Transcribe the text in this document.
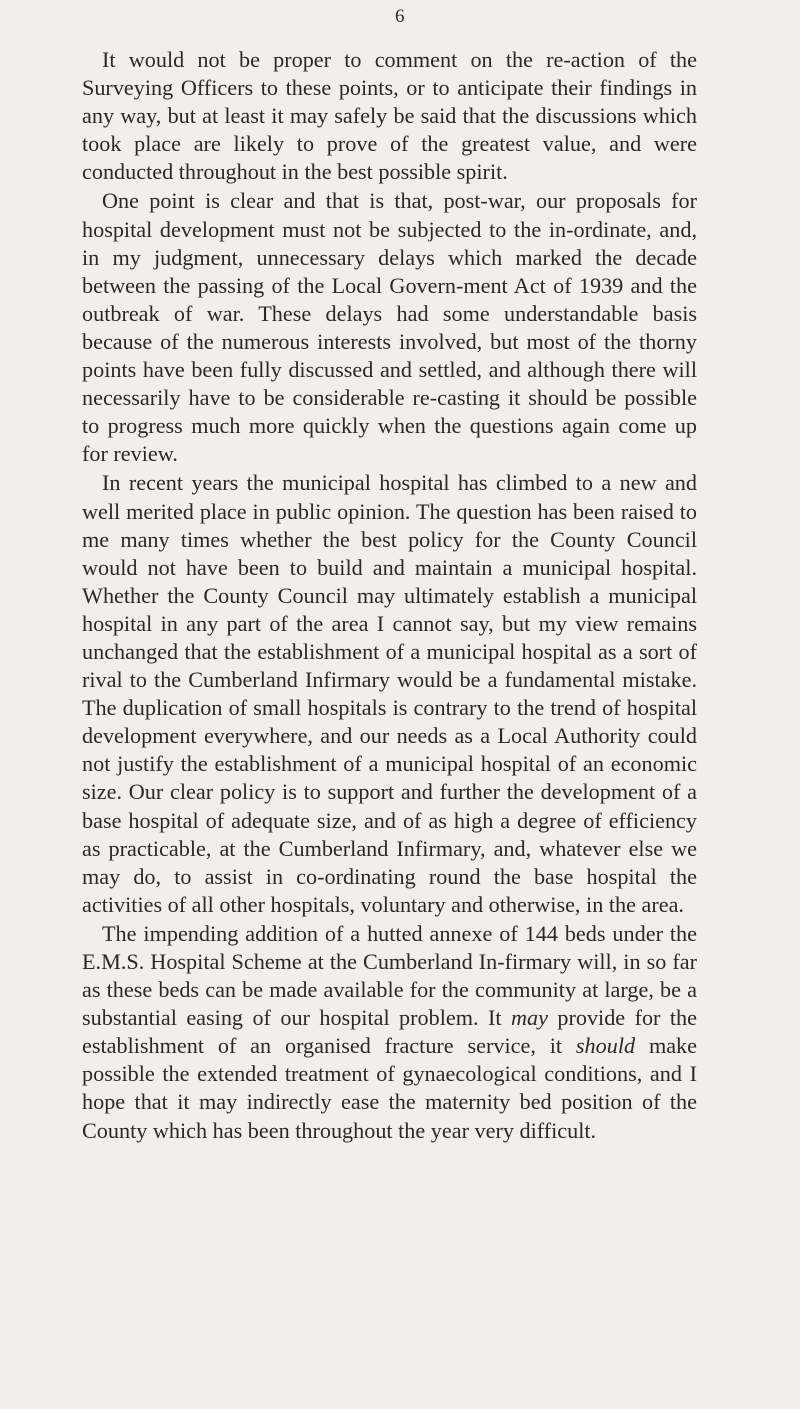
6

It would not be proper to comment on the re-action of the Surveying Officers to these points, or to anticipate their findings in any way, but at least it may safely be said that the discussions which took place are likely to prove of the greatest value, and were conducted throughout in the best possible spirit.

One point is clear and that is that, post-war, our proposals for hospital development must not be subjected to the in-ordinate, and, in my judgment, unnecessary delays which marked the decade between the passing of the Local Govern-ment Act of 1939 and the outbreak of war. These delays had some understandable basis because of the numerous interests involved, but most of the thorny points have been fully discussed and settled, and although there will necessarily have to be considerable re-casting it should be possible to progress much more quickly when the questions again come up for review.

In recent years the municipal hospital has climbed to a new and well merited place in public opinion. The question has been raised to me many times whether the best policy for the County Council would not have been to build and maintain a municipal hospital. Whether the County Council may ultimately establish a municipal hospital in any part of the area I cannot say, but my view remains unchanged that the establishment of a municipal hospital as a sort of rival to the Cumberland Infirmary would be a fundamental mistake. The duplication of small hospitals is contrary to the trend of hospital development everywhere, and our needs as a Local Authority could not justify the establishment of a municipal hospital of an economic size. Our clear policy is to support and further the development of a base hospital of adequate size, and of as high a degree of efficiency as practicable, at the Cumberland Infirmary, and, whatever else we may do, to assist in co-ordinating round the base hospital the activities of all other hospitals, voluntary and otherwise, in the area.

The impending addition of a hutted annexe of 144 beds under the E.M.S. Hospital Scheme at the Cumberland In-firmary will, in so far as these beds can be made available for the community at large, be a substantial easing of our hospital problem. It may provide for the establishment of an organised fracture service, it should make possible the extended treatment of gynaecological conditions, and I hope that it may indirectly ease the maternity bed position of the County which has been throughout the year very difficult.
